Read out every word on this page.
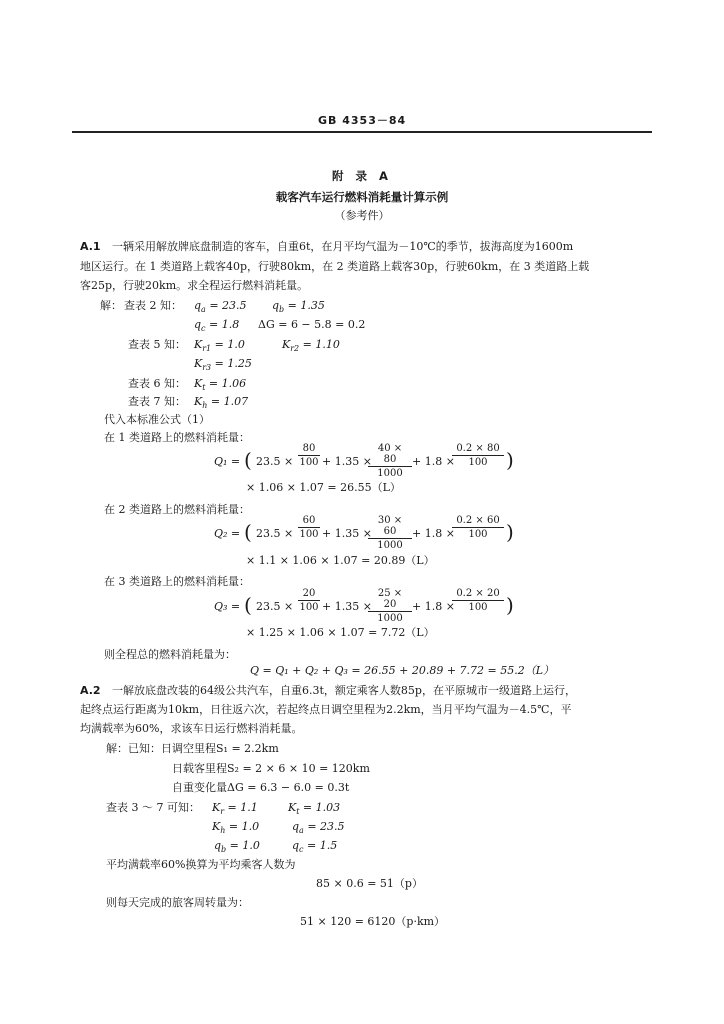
GB 4353－84
附 录 A
载客汽车运行燃料消耗量计算示例
（参考件）
A.1 一辆采用解放牌底盘制造的客车，自重6t，在月平均气温为－10℃的季节，拔海高度为1600m
地区运行。在 1 类道路上载客40p，行驶80km，在 2 类道路上载客30p，行驶60km，在 3 类道路上载
客25p，行驶20km。求全程运行燃料消耗量。
解： 查表 2 知： $q_a = 23.5$ $q_b = 1.35$
$q_c = 1.8$ ΔG = 6 − 5.8 = 0.2
查表 5 知： $K_{r1} = 1.0$	$K_{r2} = 1.10$
$K_{r3} = 1.25$
查表 6 知： $K_t = 1.06$
查表 7 知： $K_h = 1.07$
代入本标准公式（1）
在 1 类道路上的燃料消耗量：
Q₁ = ( 23.5 ×
80
100 + 1.35 ×
40 × 80
1000
+ 1.8 ×
0.2 × 80
100 )
× 1.06 × 1.07 = 26.55（L）
在 2 类道路上的燃料消耗量：
Q₂ = ( 23.5 ×
60
100 + 1.35 ×
30 × 60
1000
+ 1.8 ×
0.2 × 60
100 )
× 1.1 × 1.06 × 1.07 = 20.89（L）
在 3 类道路上的燃料消耗量：
Q₃ = ( 23.5 ×
20
100 + 1.35 ×
25 × 20
1000
+ 1.8 ×
0.2 × 20
100 )
× 1.25 × 1.06 × 1.07 = 7.72（L）
则全程总的燃料消耗量为：
Q = Q₁ + Q₂ + Q₃ = 26.55 + 20.89 + 7.72 = 55.2（L）
A.2 一解放底盘改装的64级公共汽车，自重6.3t，额定乘客人数85p，在平原城市一级道路上运行，
起终点运行距离为10km，日往返六次，若起终点日调空里程为2.2km，当月平均气温为－4.5℃，平
均满载率为60%，求该车日运行燃料消耗量。
解：已知：日调空里程S₁ = 2.2km
日载客里程S₂ = 2 × 6 × 10 = 120km
自重变化量ΔG = 6.3 − 6.0 = 0.3t
查表 3 ～ 7 可知： $K_r = 1.1$	$K_t = 1.03$
$K_h = 1.0$	$q_a = 23.5$
$q_b = 1.0$	$q_c = 1.5$
平均满载率60%换算为平均乘客人数为
85 × 0.6 = 51（p）
则每天完成的旅客周转量为：
51 × 120 = 6120（p·km）
